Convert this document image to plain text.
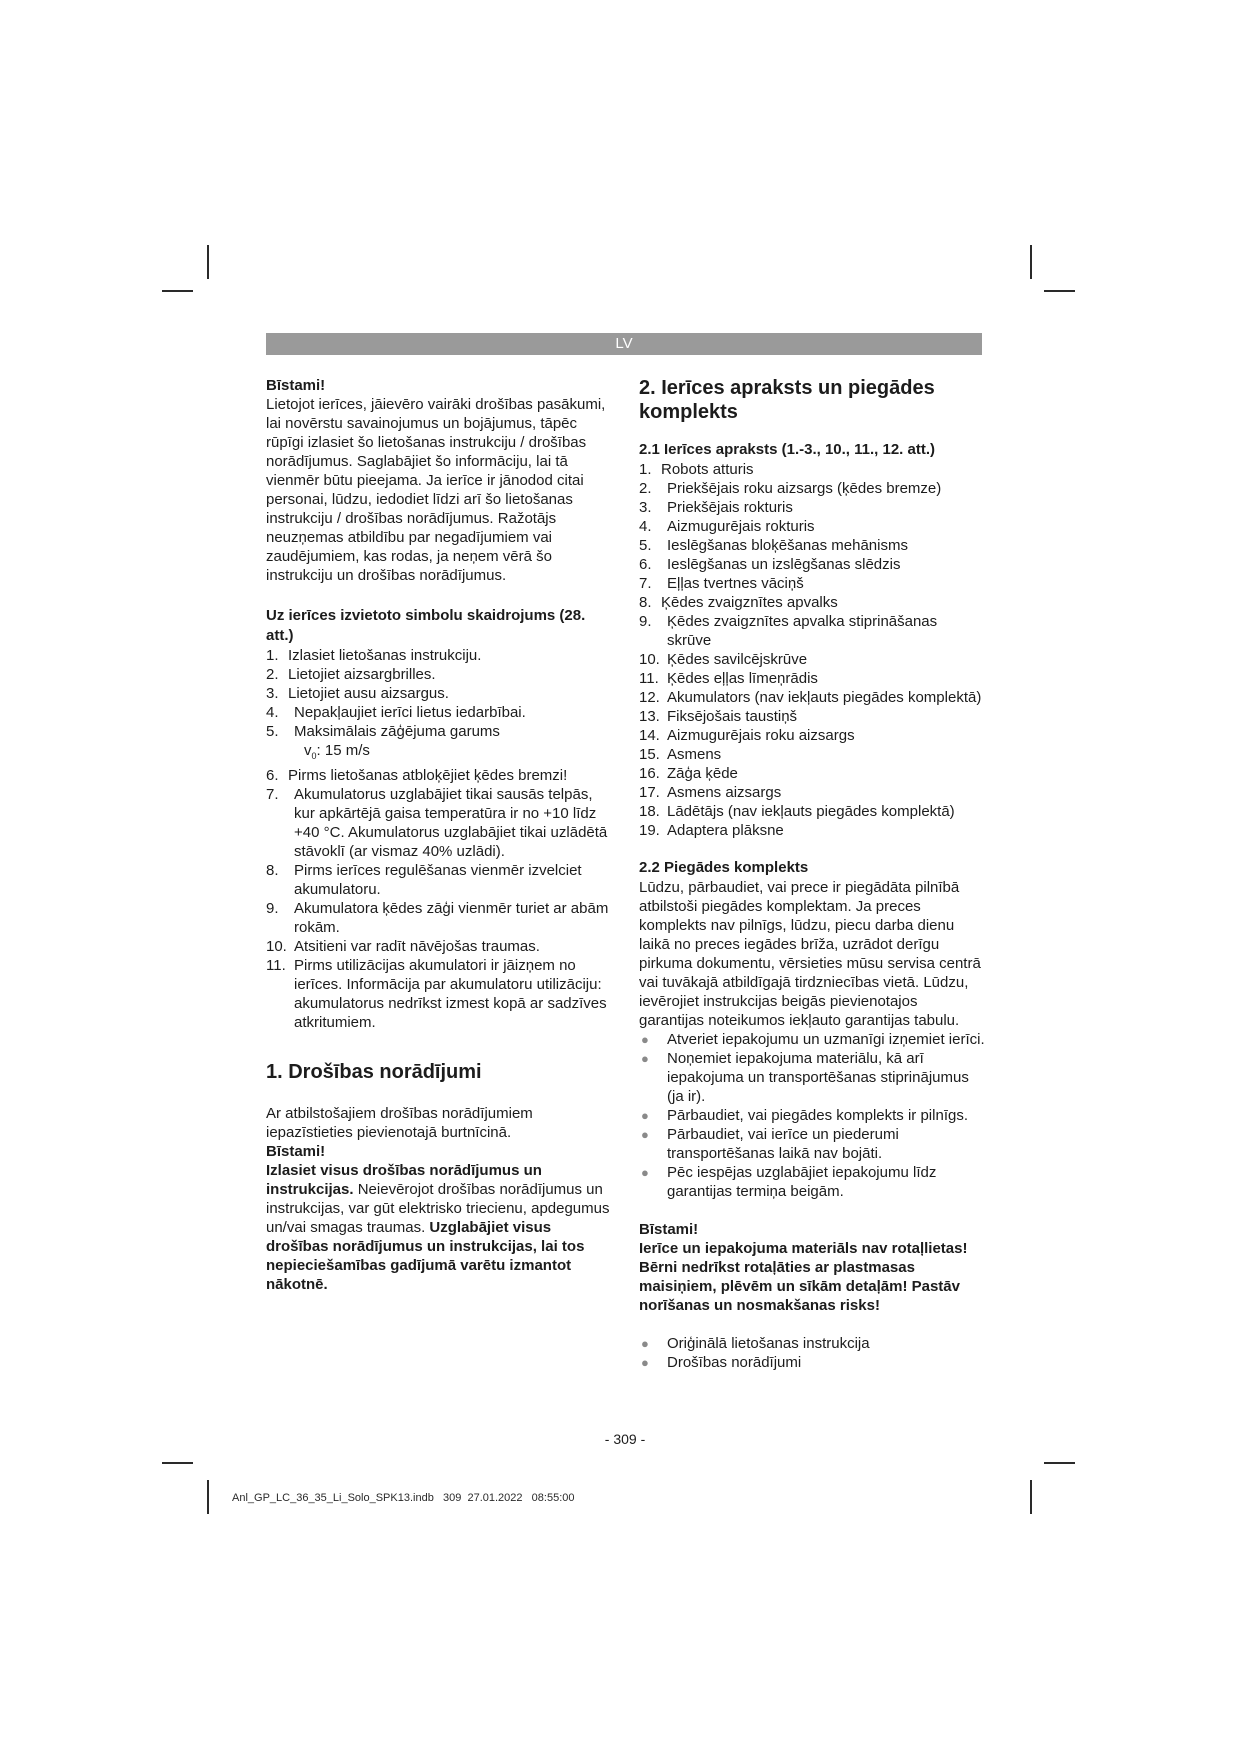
LV

Bīstami!

Lietojot ierīces, jāievēro vairāki drošības pasākumi, lai novērstu savainojumus un bojājumus, tāpēc rūpīgi izlasiet šo lietošanas instrukciju / drošības norādījumus. Saglabājiet šo informāciju, lai tā vienmēr būtu pieejama. Ja ierīce ir jānodod citai personai, lūdzu, iedodiet līdzi arī šo lietošanas instrukciju / drošības norādījumus. Ražotājs neuzņemas atbildību par negadījumiem vai zaudējumiem, kas rodas, ja neņem vērā šo instrukciju un drošības norādījumus.

Uz ierīces izvietoto simbolu skaidrojums (28. att.)

1. Izlasiet lietošanas instrukciju.
2. Lietojiet aizsargbrilles.
3. Lietojiet ausu aizsargus.
4.	Nepakļaujiet ierīci lietus iedarbībai.
5.	Maksimālais zāģējuma garums
$v_0$: 15 m/s
6. Pirms lietošanas atbloķējiet ķēdes bremzi!
7.	Akumulatorus uzglabājiet tikai sausās telpās, kur apkārtējā gaisa temperatūra ir no +10 līdz +40 °C. Akumulatorus uzglabājiet tikai uzlādētā stāvoklī (ar vismaz 40% uzlādi).
8.	Pirms ierīces regulēšanas vienmēr izvelciet akumulatoru.
9.	Akumulatora ķēdes zāģi vienmēr turiet ar abām rokām.
10. Atsitieni var radīt nāvējošas traumas.
11. Pirms utilizācijas akumulatori ir jāizņem no ierīces. Informācija par akumulatoru utilizāciju: akumulatorus nedrīkst izmest kopā ar sadzīves atkritumiem.

1. Drošības norādījumi

Ar atbilstošajiem drošības norādījumiem iepazīstieties pievienotajā burtnīcinā.

Bīstami!

Izlasiet visus drošības norādījumus un instrukcijas. Neievērojot drošības norādījumus un instrukcijas, var gūt elektrisko triecienu, apdegumus un/vai smagas traumas. Uzglabājiet visus drošības norādījumus un instrukcijas, lai tos nepieciešamības gadījumā varētu izmantot nākotnē.

2. Ierīces apraksts un piegādes komplekts

2.1 Ierīces apraksts (1.-3., 10., 11., 12. att.)

1. Robots atturis
2.	Priekšējais roku aizsargs (ķēdes bremze)
3.	Priekšējais rokturis
4.	Aizmugurējais rokturis
5.	Ieslēgšanas bloķēšanas mehānisms
6.	Ieslēgšanas un izslēgšanas slēdzis
7.	Eļļas tvertnes vāciņš
8. Ķēdes zvaigznītes apvalks
9.	Ķēdes zvaigznītes apvalka stiprināšanas skrūve
10. Ķēdes savilcējskrūve
11. Ķēdes eļļas līmeņrādis
12. Akumulators (nav iekļauts piegādes komplektā)
13. Fiksējošais taustiņš
14. Aizmugurējais roku aizsargs
15. Asmens
16. Zāģa ķēde
17. Asmens aizsargs
18. Lādētājs (nav iekļauts piegādes komplektā)
19. Adaptera plāksne

2.2 Piegādes komplekts

Lūdzu, pārbaudiet, vai prece ir piegādāta pilnībā atbilstoši piegādes komplektam. Ja preces komplekts nav pilnīgs, lūdzu, piecu darba dienu laikā no preces iegādes brīža, uzrādot derīgu pirkuma dokumentu, vērsieties mūsu servisa centrā vai tuvākajā atbildīgajā tirdzniecības vietā. Lūdzu, ievērojiet instrukcijas beigās pievienotajos garantijas noteikumos iekļauto garantijas tabulu.

●	Atveriet iepakojumu un uzmanīgi izņemiet ierīci.
●	Noņemiet iepakojuma materiālu, kā arī iepakojuma un transportēšanas stiprinājumus (ja ir).
●	Pārbaudiet, vai piegādes komplekts ir pilnīgs.
●	Pārbaudiet, vai ierīce un piederumi transportēšanas laikā nav bojāti.
●	Pēc iespējas uzglabājiet iepakojumu līdz garantijas termiņa beigām.

Bīstami!

Ierīce un iepakojuma materiāls nav rotaļlietas! Bērni nedrīkst rotaļāties ar plastmasas maisiņiem, plēvēm un sīkām detaļām! Pastāv norīšanas un nosmakšanas risks!

●	Oriģinālā lietošanas instrukcija
●	Drošības norādījumi
- 309 -
Anl_GP_LC_36_35_Li_Solo_SPK13.indb   309  27.01.2022   08:55:00
